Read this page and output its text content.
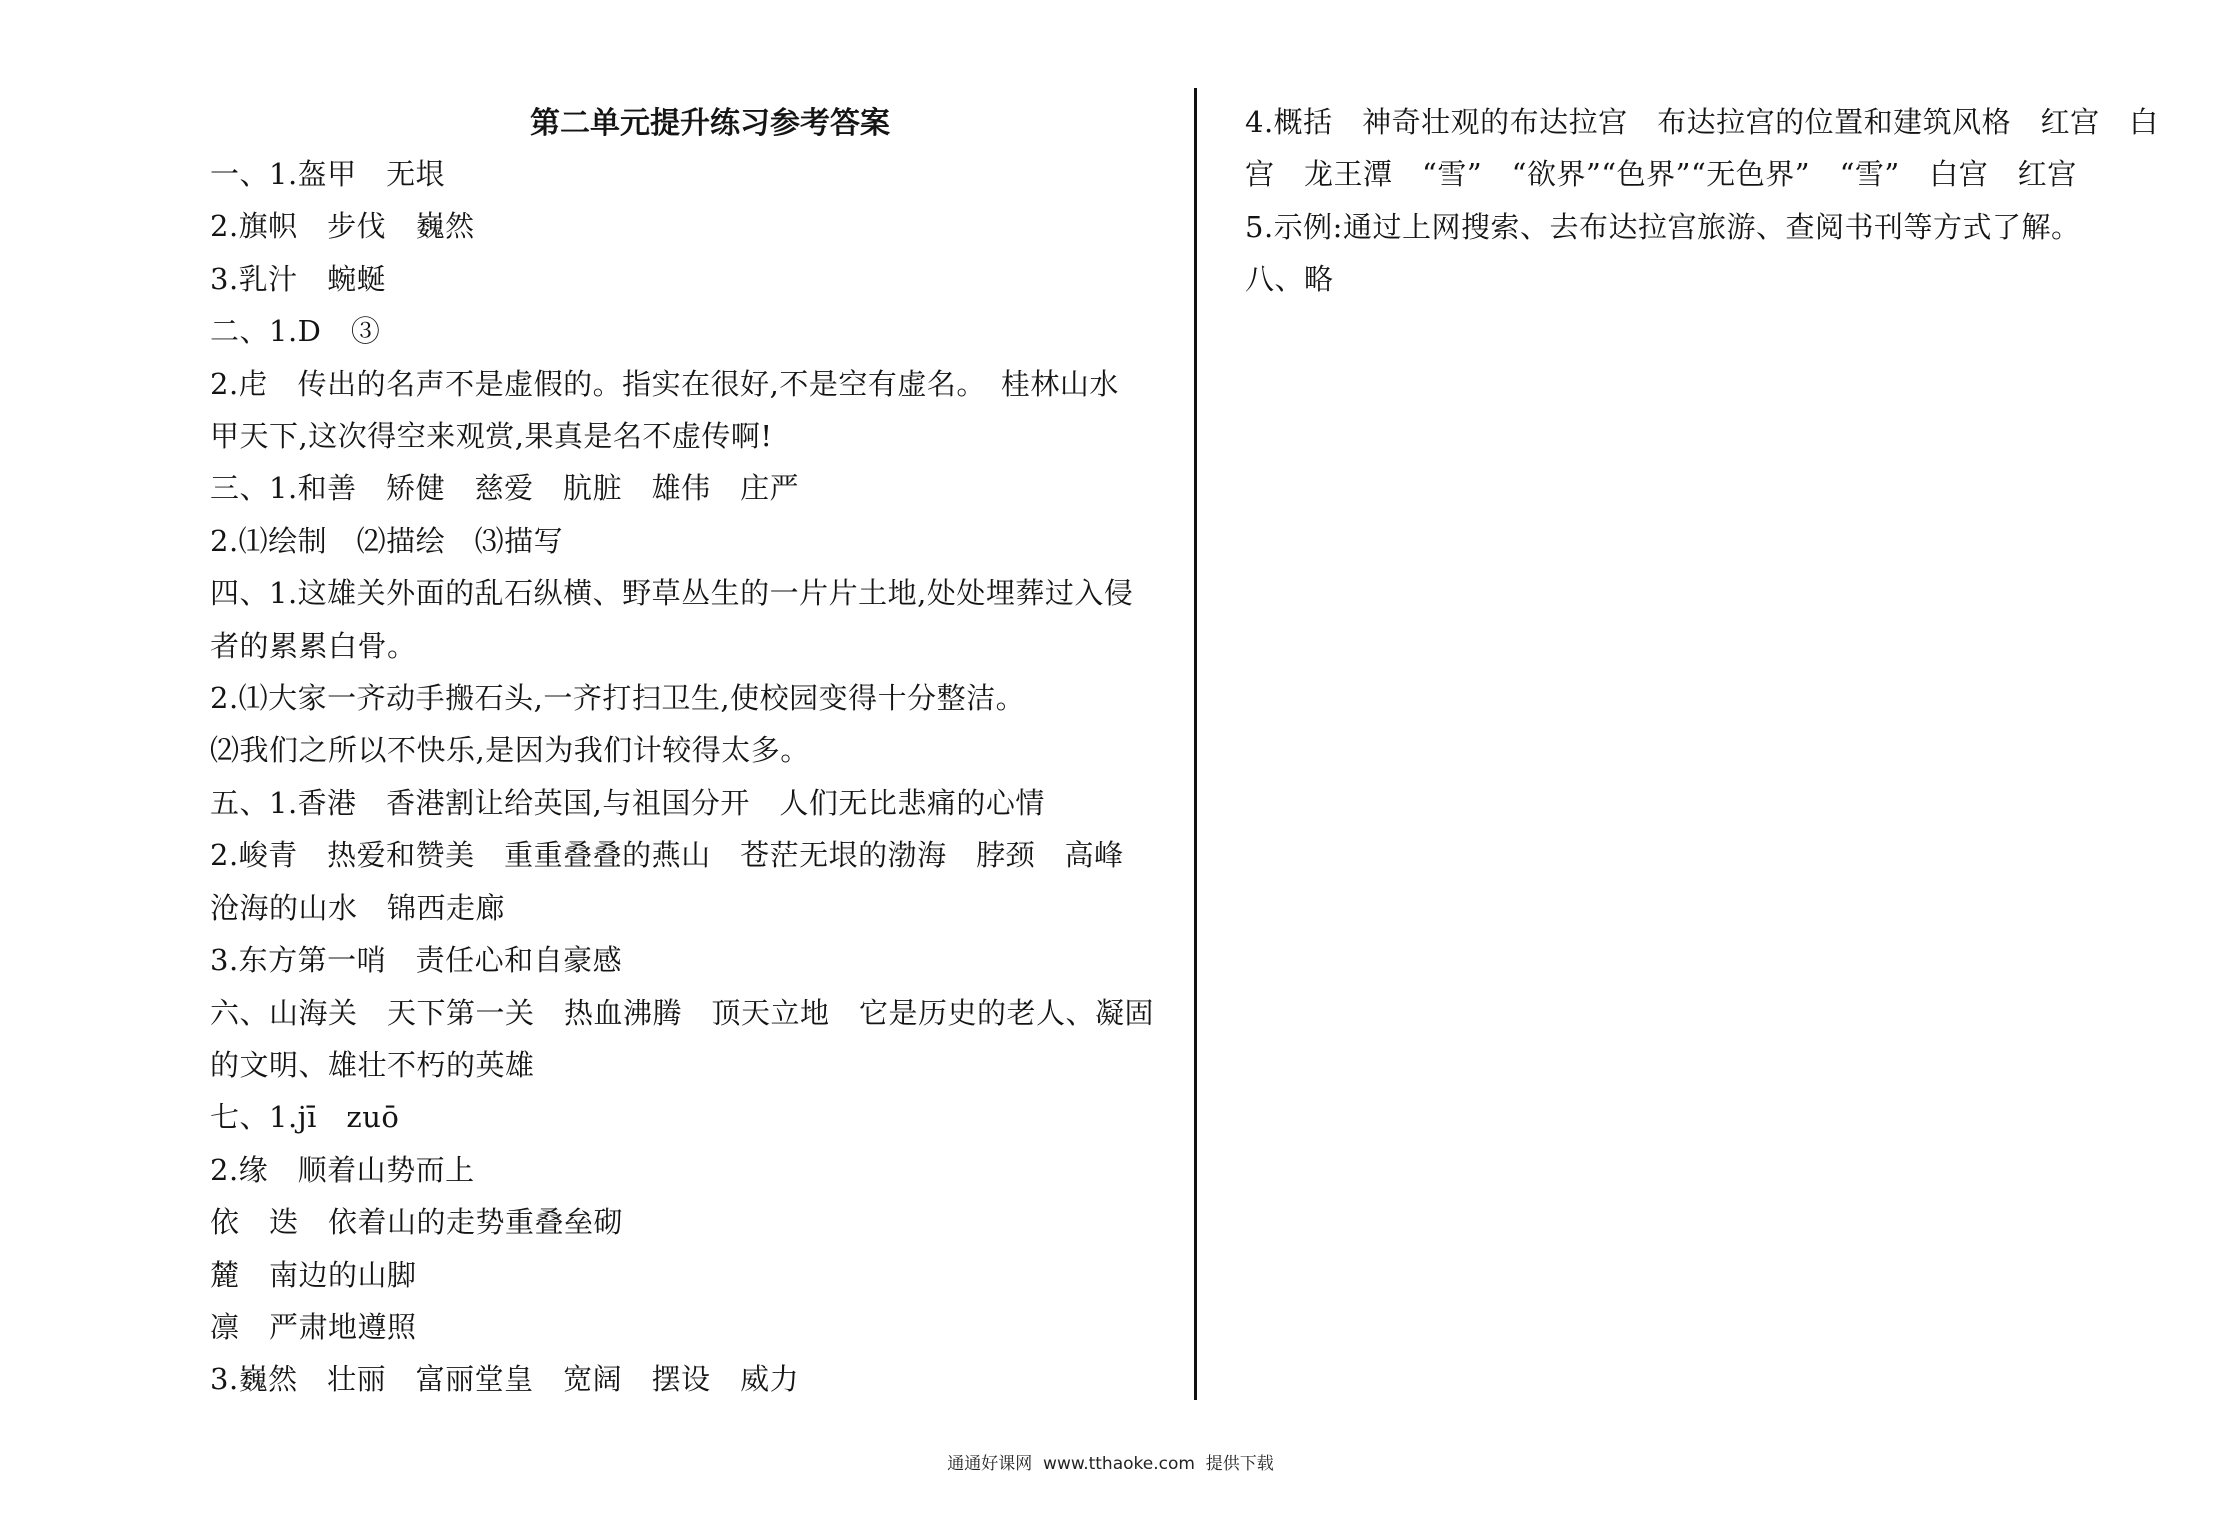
第二单元提升练习参考答案
一、1.盔甲　无垠
2.旗帜　步伐　巍然
3.乳汁　蜿蜒
二、1.D　③
2.虍　传出的名声不是虚假的。指实在很好,不是空有虚名。　桂林山水
甲天下,这次得空来观赏,果真是名不虚传啊!
三、1.和善　矫健　慈爱　肮脏　雄伟　庄严
2.⑴绘制　⑵描绘　⑶描写
四、1.这雄关外面的乱石纵横、野草丛生的一片片土地,处处埋葬过入侵
者的累累白骨。
2.⑴大家一齐动手搬石头,一齐打扫卫生,使校园变得十分整洁。
⑵我们之所以不快乐,是因为我们计较得太多。
五、1.香港　香港割让给英国,与祖国分开　人们无比悲痛的心情
2.峻青　热爱和赞美　重重叠叠的燕山　苍茫无垠的渤海　脖颈　高峰
沧海的山水　锦西走廊
3.东方第一哨　责任心和自豪感
六、山海关　天下第一关　热血沸腾　顶天立地　它是历史的老人、凝固
的文明、雄壮不朽的英雄
七、1.jī　zuō
2.缘　顺着山势而上
依　迭　依着山的走势重叠垒砌
麓　南边的山脚
凛　严肃地遵照
3.巍然　壮丽　富丽堂皇　宽阔　摆设　威力
4.概括　神奇壮观的布达拉宫　布达拉宫的位置和建筑风格　红宫　白
宫　龙王潭　“雪”　“欲界”“色界”“无色界”　“雪”　白宫　红宫
5.示例:通过上网搜索、去布达拉宫旅游、查阅书刊等方式了解。
八、略
通通好课网  www.tthaoke.com  提供下载
